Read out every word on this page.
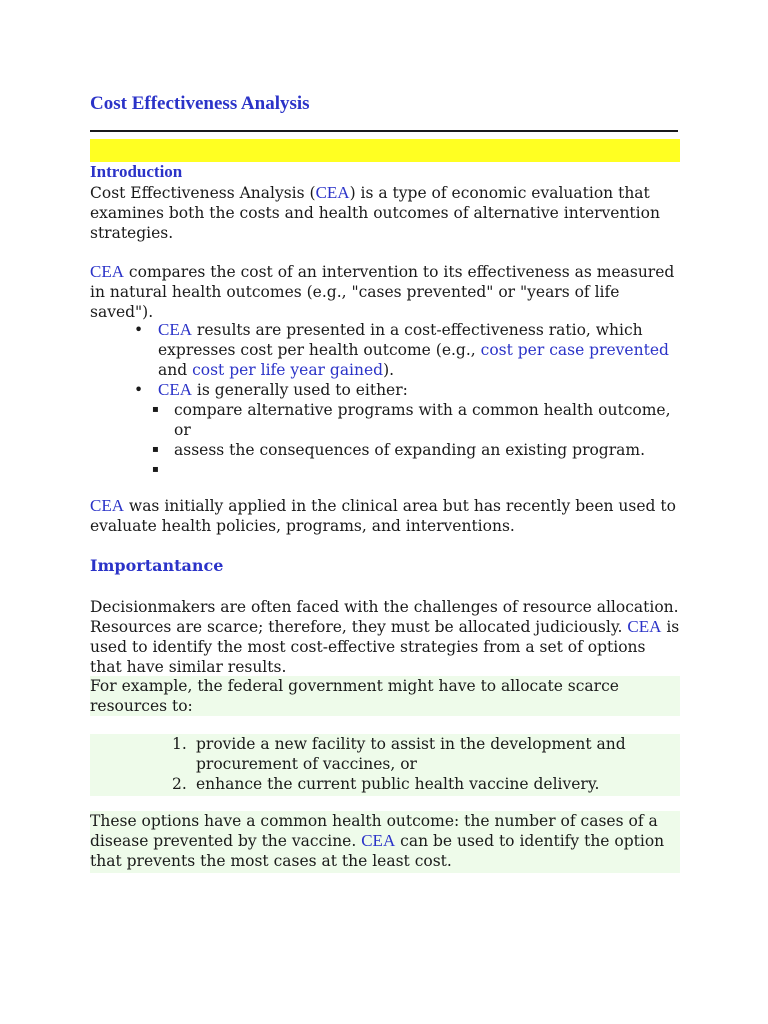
Cost Effectiveness Analysis
Introduction
Cost Effectiveness Analysis (CEA) is a type of economic evaluation that examines both the costs and health outcomes of alternative intervention strategies.
CEA compares the cost of an intervention to its effectiveness as measured in natural health outcomes (e.g., "cases prevented" or "years of life saved").
• CEA results are presented in a cost-effectiveness ratio, which expresses cost per health outcome (e.g., cost per case prevented and cost per life year gained).
• CEA is generally used to either:
▪ compare alternative programs with a common health outcome, or
▪ assess the consequences of expanding an existing program.
▪
CEA was initially applied in the clinical area but has recently been used to evaluate health policies, programs, and interventions.
Importantance
Decisionmakers are often faced with the challenges of resource allocation. Resources are scarce; therefore, they must be allocated judiciously. CEA is used to identify the most cost-effective strategies from a set of options that have similar results.
For example, the federal government might have to allocate scarce resources to:
1. provide a new facility to assist in the development and procurement of vaccines, or
2. enhance the current public health vaccine delivery.
These options have a common health outcome: the number of cases of a disease prevented by the vaccine. CEA can be used to identify the option that prevents the most cases at the least cost.
